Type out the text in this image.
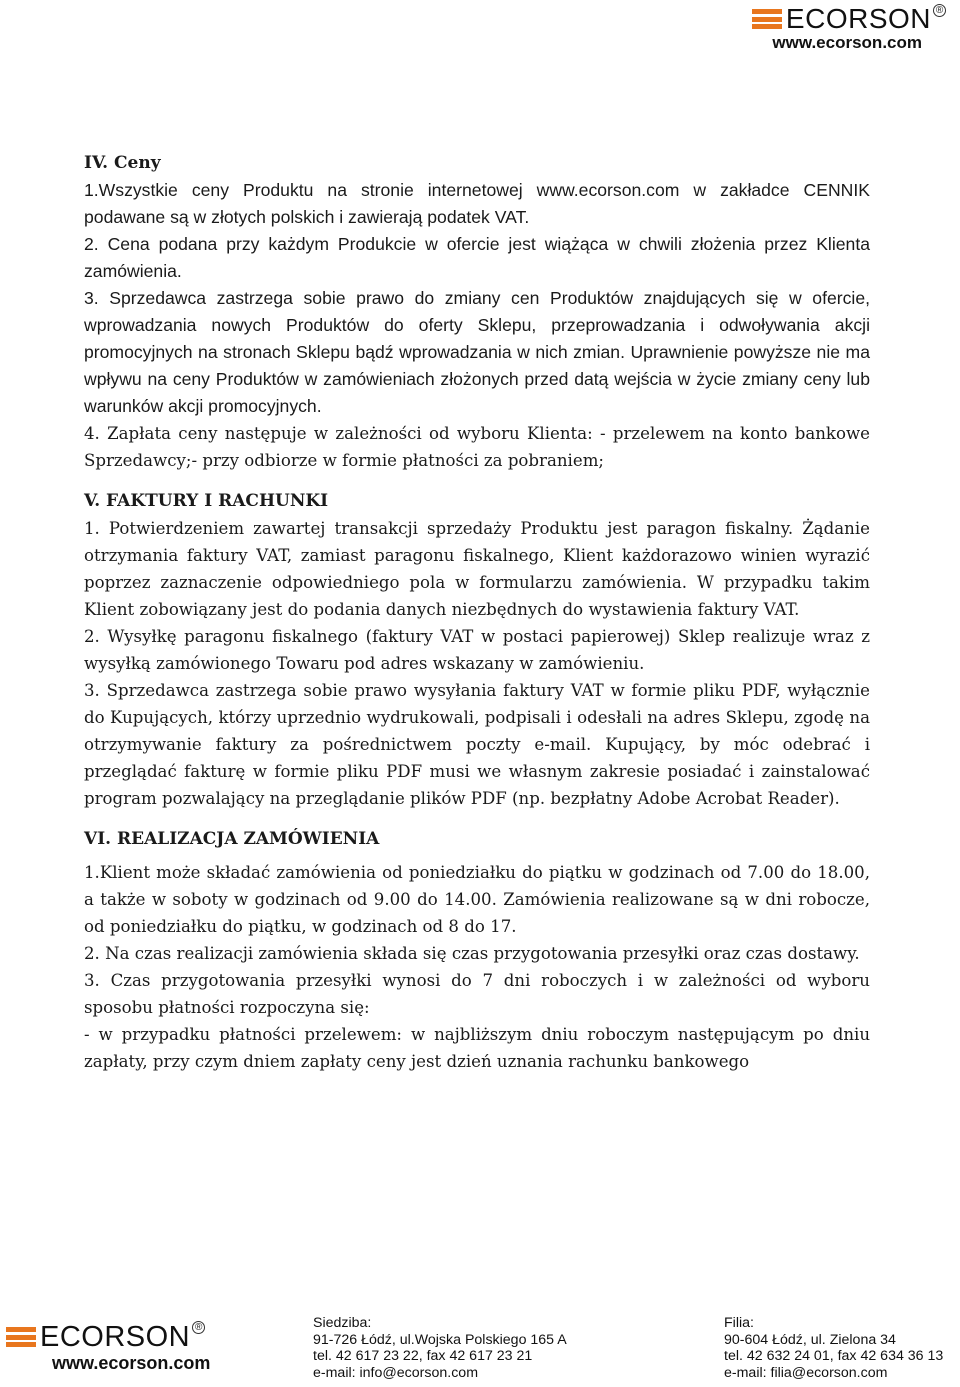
ECORSON ®
www.ecorson.com
IV. Ceny

1.Wszystkie ceny Produktu na stronie internetowej www.ecorson.com w zakładce CENNIK podawane są w złotych polskich i zawierają podatek VAT.

2. Cena podana przy każdym Produkcie w ofercie jest wiążąca w chwili złożenia przez Klienta zamówienia.

3. Sprzedawca zastrzega sobie prawo do zmiany cen Produktów znajdujących się w ofercie, wprowadzania nowych Produktów do oferty Sklepu, przeprowadzania i odwoływania akcji promocyjnych na stronach Sklepu bądź wprowadzania w nich zmian. Uprawnienie powyższe nie ma wpływu na ceny Produktów w zamówieniach złożonych przed datą wejścia w życie zmiany ceny lub warunków akcji promocyjnych.

4. Zapłata ceny następuje w zależności od wyboru Klienta: - przelewem na konto bankowe Sprzedawcy;- przy odbiorze w formie płatności za pobraniem;

V. FAKTURY I RACHUNKI

1. Potwierdzeniem zawartej transakcji sprzedaży Produktu jest paragon fiskalny. Żądanie otrzymania faktury VAT, zamiast paragonu fiskalnego, Klient każdorazowo winien wyrazić poprzez zaznaczenie odpowiedniego pola w formularzu zamówienia. W przypadku takim Klient zobowiązany jest do podania danych niezbędnych do wystawienia faktury VAT.

2. Wysyłkę paragonu fiskalnego (faktury VAT w postaci papierowej) Sklep realizuje wraz z wysyłką zamówionego Towaru pod adres wskazany w zamówieniu.

3. Sprzedawca zastrzega sobie prawo wysyłania faktury VAT w formie pliku PDF, wyłącznie do Kupujących, którzy uprzednio wydrukowali, podpisali i odesłali na adres Sklepu, zgodę na otrzymywanie faktury za pośrednictwem poczty e-mail. Kupujący, by móc odebrać i przeglądać fakturę w formie pliku PDF musi we własnym zakresie posiadać i zainstalować program pozwalający na przeglądanie plików PDF (np. bezpłatny Adobe Acrobat Reader).

VI. REALIZACJA ZAMÓWIENIA

1.Klient może składać zamówienia od poniedziałku do piątku w godzinach od 7.00 do 18.00, a także w soboty w godzinach od 9.00 do 14.00. Zamówienia realizowane są w dni robocze, od poniedziałku do piątku, w godzinach od 8 do 17.

2. Na czas realizacji zamówienia składa się czas przygotowania przesyłki oraz czas dostawy.

3. Czas przygotowania przesyłki wynosi do 7 dni roboczych i w zależności od wyboru sposobu płatności rozpoczyna się:

- w przypadku płatności przelewem: w najbliższym dniu roboczym następującym po dniu zapłaty, przy czym dniem zapłaty ceny jest dzień uznania rachunku bankowego

ECORSON ®
www.ecorson.com
Siedziba:
91-726 Łódź, ul.Wojska Polskiego 165 A
tel. 42 617 23 22, fax 42 617 23 21
e-mail: info@ecorson.com
Filia:
90-604 Łódź, ul. Zielona 34
tel. 42 632 24 01, fax 42 634 36 13
e-mail: filia@ecorson.com
